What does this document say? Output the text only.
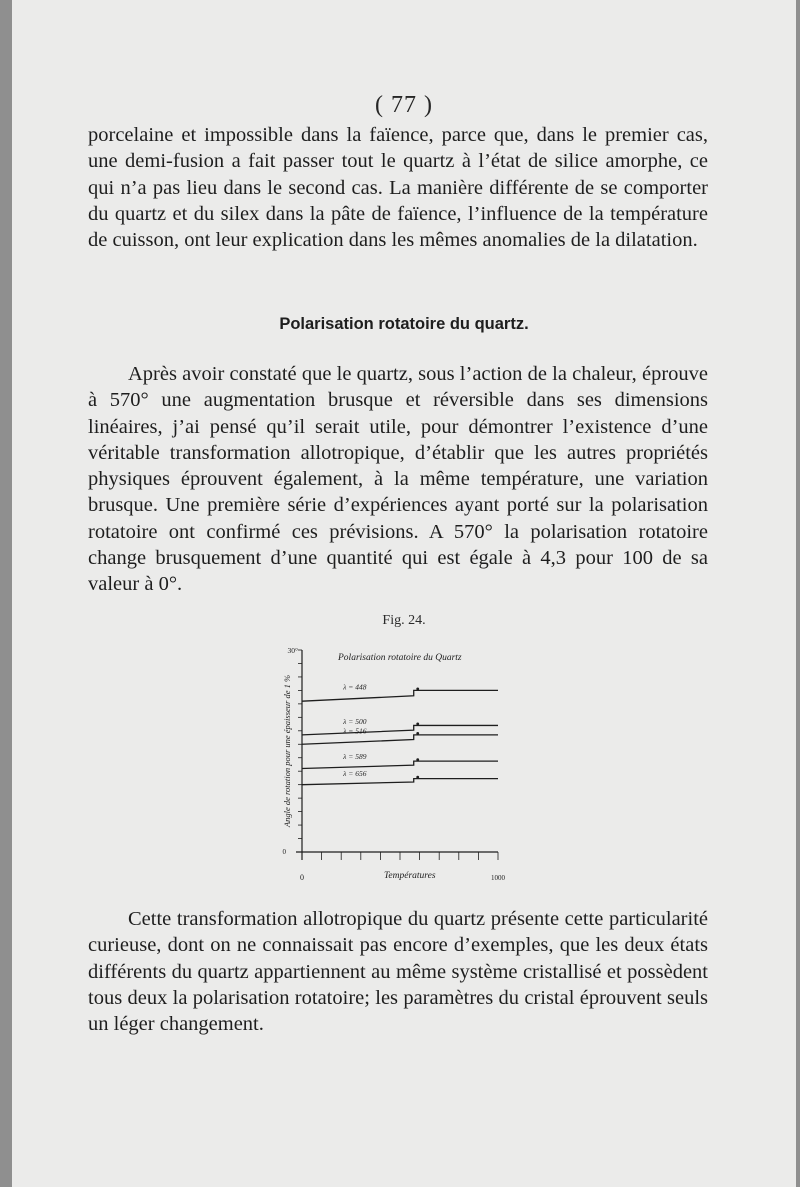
( 77 )

porcelaine et impossible dans la faïence, parce que, dans le premier cas, une demi-fusion a fait passer tout le quartz à l’état de silice amorphe, ce qui n’a pas lieu dans le second cas. La manière différente de se comporter du quartz et du silex dans la pâte de faïence, l’influence de la température de cuisson, ont leur explication dans les mêmes anomalies de la dilatation.

Polarisation rotatoire du quartz.

Après avoir constaté que le quartz, sous l’action de la chaleur, éprouve à 570° une augmentation brusque et réversible dans ses dimensions linéaires, j’ai pensé qu’il serait utile, pour démontrer l’existence d’une véritable transformation allotropique, d’établir que les autres propriétés physiques éprouvent également, à la même température, une variation brusque. Une première série d’expériences ayant porté sur la polarisation rotatoire ont confirmé ces prévisions. A 570° la polarisation rotatoire change brusquement d’une quantité qui est égale à 4,3 pour 100 de sa valeur à 0°.

Fig. 24.
λ = 448
λ = 500
λ = 516
λ = 589
λ = 656
Polarisation rotatoire du Quartz
Angle de rotation pour une épaisseur de 1 %
Températures
0	1000
0
30°

Cette transformation allotropique du quartz présente cette particularité curieuse, dont on ne connaissait pas encore d’exemples, que les deux états différents du quartz appartiennent au même système cristallisé et possèdent tous deux la polarisation rotatoire; les paramètres du cristal éprouvent seuls un léger changement.
